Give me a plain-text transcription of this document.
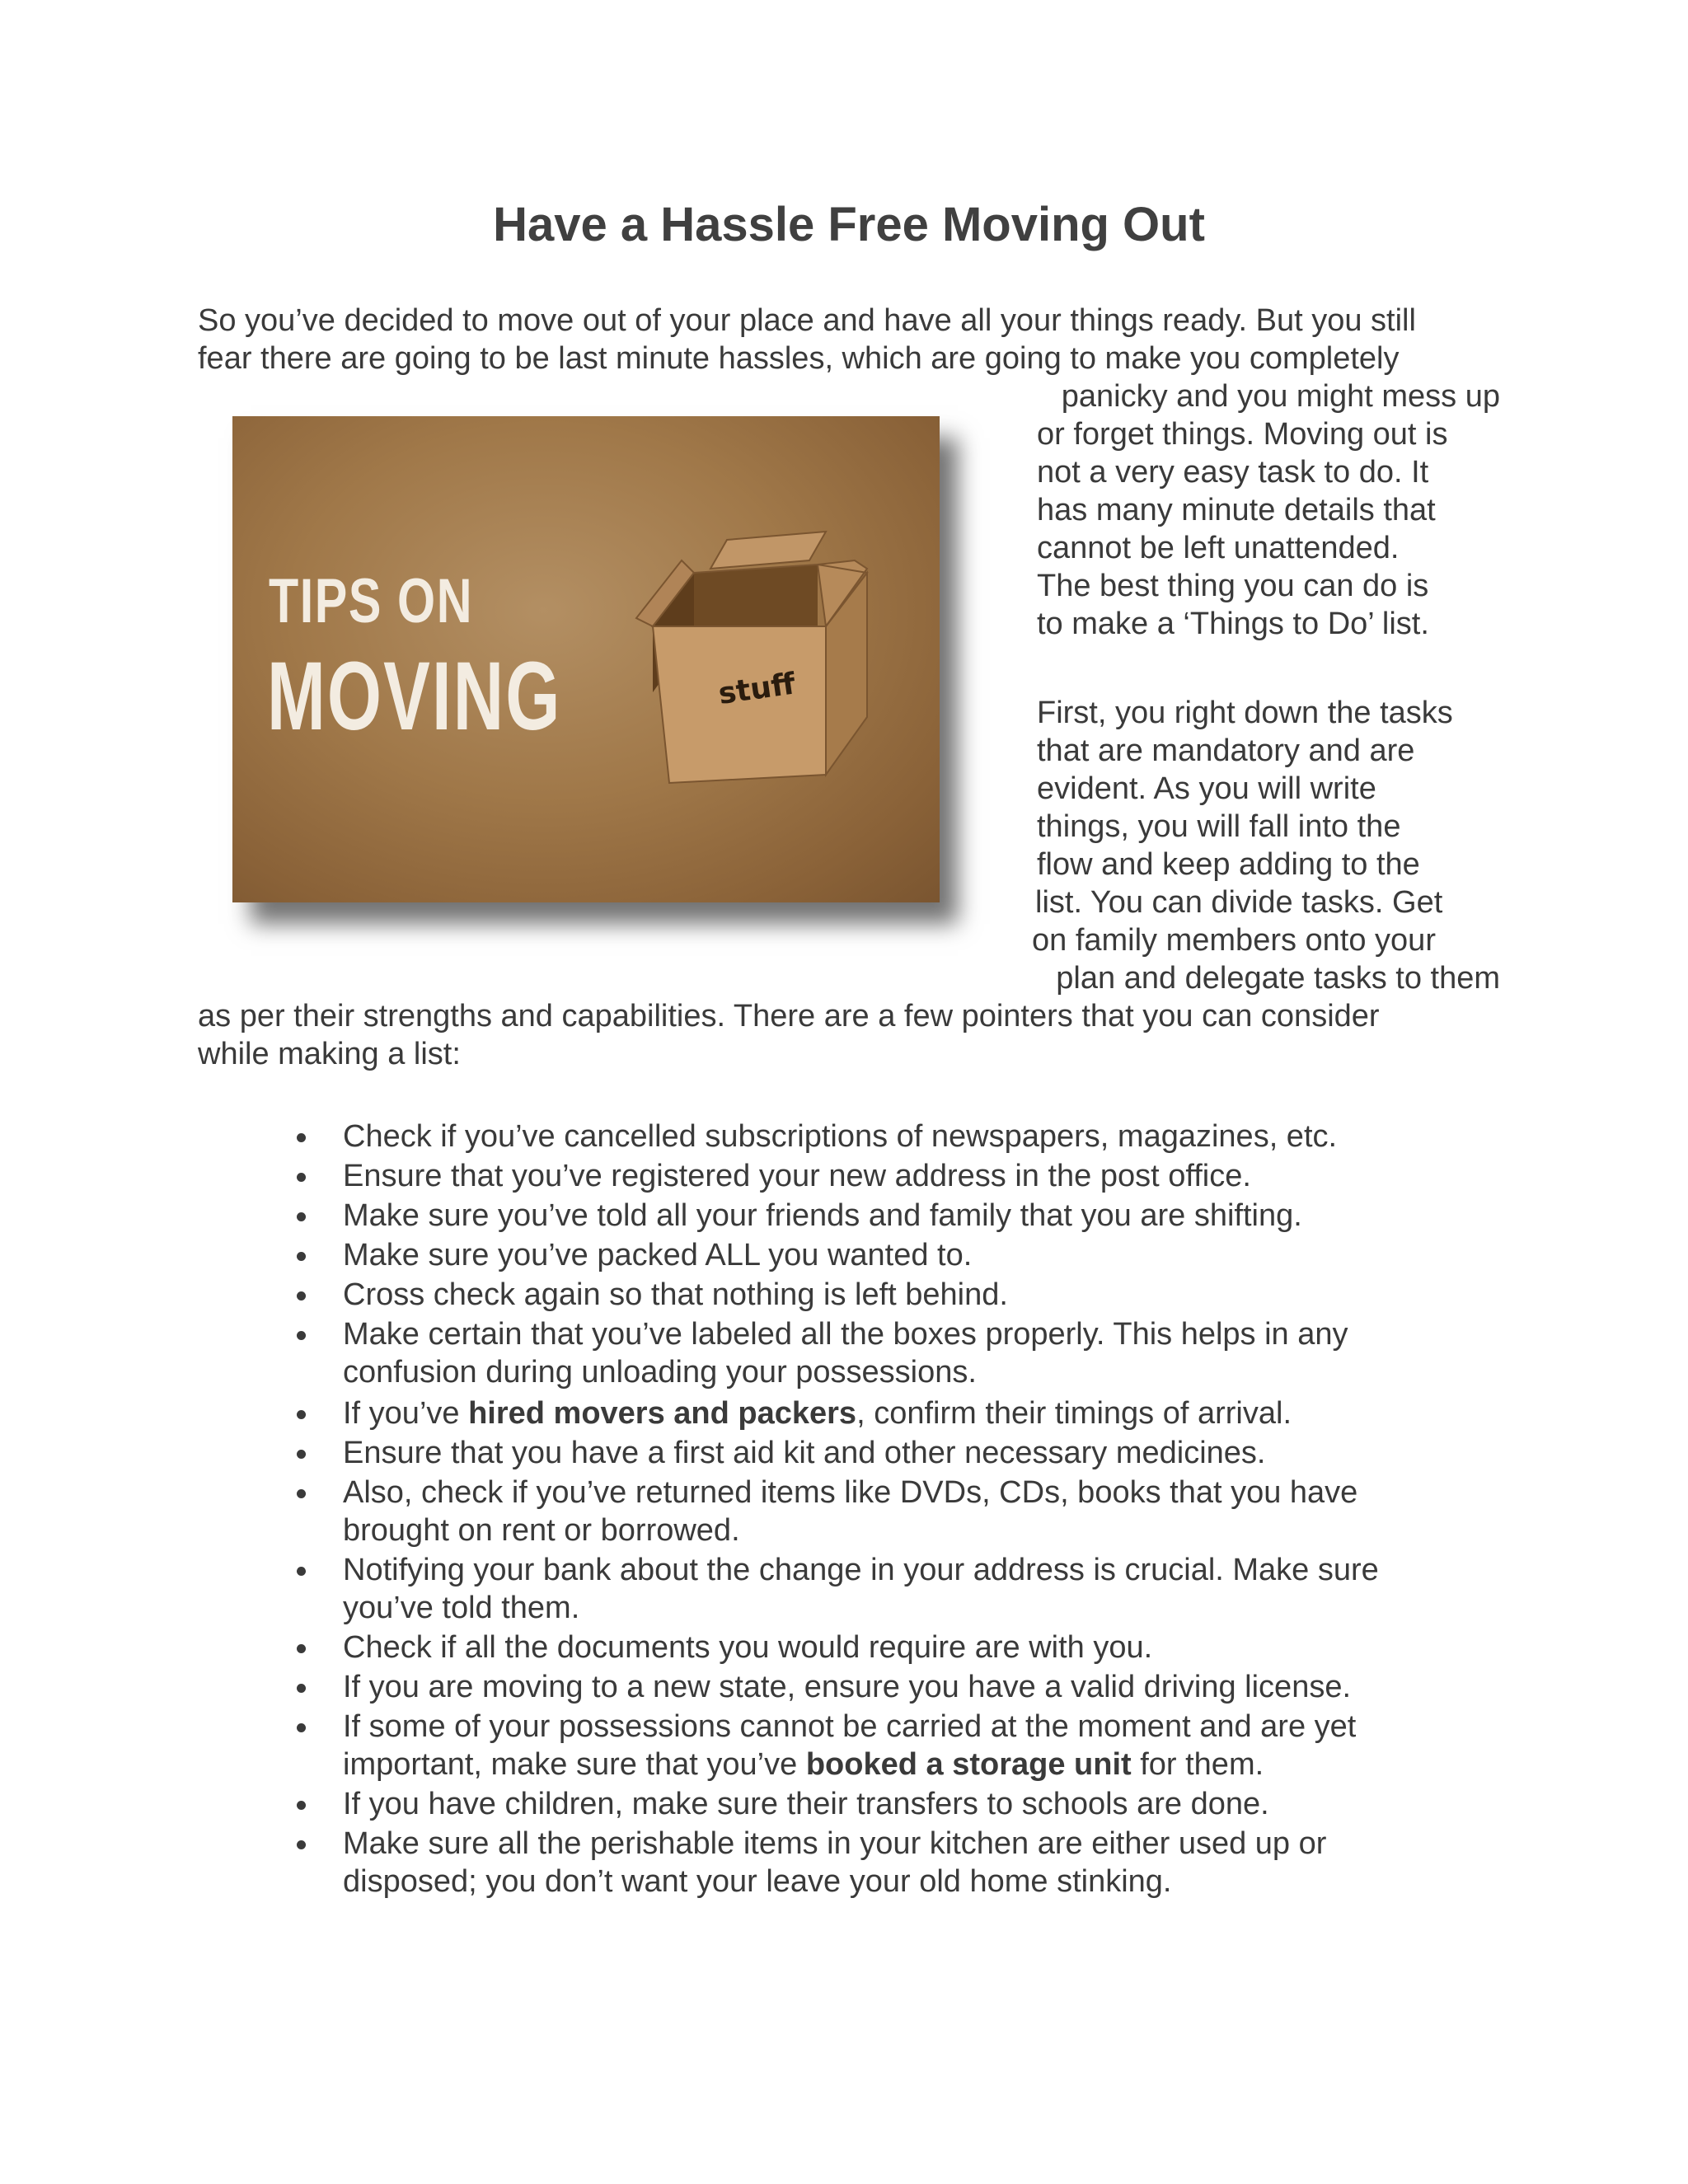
Have a Hassle Free Moving Out
So you’ve decided to move out of your place and have all your things ready. But you still
fear there are going to be last minute hassles, which are going to make you completely
panicky and you might mess up
or forget things. Moving out is
not a very easy task to do. It
has many minute details that
cannot be left unattended.
The best thing you can do is
to make a ‘Things to Do’ list.
First, you right down the tasks
that are mandatory and are
evident. As you will write
things, you will fall into the
flow and keep adding to the
list. You can divide tasks. Get
on family members onto your
plan and delegate tasks to them
as per their strengths and capabilities. There are a few pointers that you can consider
while making a list:
TIPS ON
MOVING	stuff
Check if you’ve cancelled subscriptions of newspapers, magazines, etc.
Ensure that you’ve registered your new address in the post office.
Make sure you’ve told all your friends and family that you are shifting.
Make sure you’ve packed ALL you wanted to.
Cross check again so that nothing is left behind.
Make certain that you’ve labeled all the boxes properly. This helps in any
confusion during unloading your possessions.
If you’ve hired movers and packers, confirm their timings of arrival.
Ensure that you have a first aid kit and other necessary medicines.
Also, check if you’ve returned items like DVDs, CDs, books that you have
brought on rent or borrowed.
Notifying your bank about the change in your address is crucial. Make sure
you’ve told them.
Check if all the documents you would require are with you.
If you are moving to a new state, ensure you have a valid driving license.
If some of your possessions cannot be carried at the moment and are yet
important, make sure that you’ve booked a storage unit for them.
If you have children, make sure their transfers to schools are done.
Make sure all the perishable items in your kitchen are either used up or
disposed; you don’t want your leave your old home stinking.
